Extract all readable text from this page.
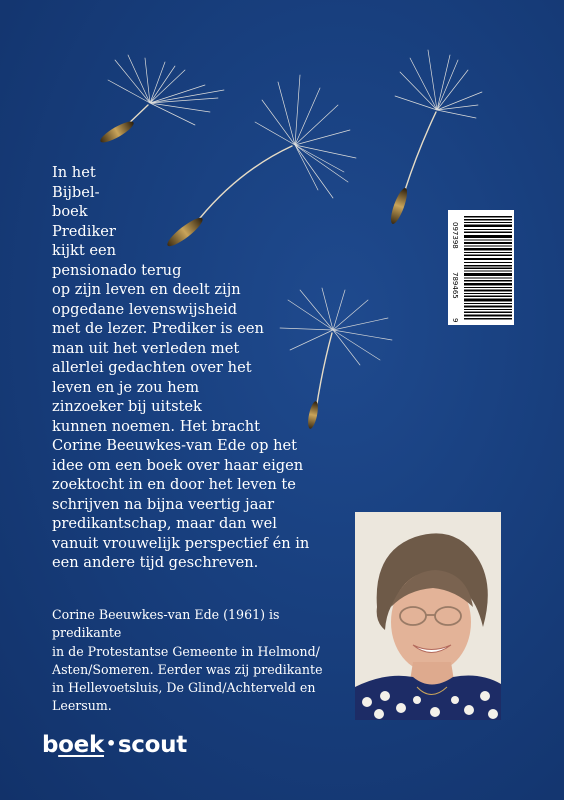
In het
Bijbel-
boek
Prediker
kijkt een
pensionado terug
op zijn leven en deelt zijn
opgedane levenswijsheid
met de lezer. Prediker is een
man uit het verleden met
allerlei gedachten over het
leven en je zou hem
zinzoeker bij uitstek
kunnen noemen. Het bracht
Corine Beeuwkes-van Ede op het
idee om een boek over haar eigen
zoektocht in en door het leven te
schrijven na bijna veertig jaar
predikantschap, maar dan wel
vanuit vrouwelijk perspectief én in
een andere tijd geschreven.
097398
789465
9
Corine Beeuwkes-van Ede (1961) is predikante
in de Protestantse Gemeente in Helmond/
Asten/Someren. Eerder was zij predikante
in Hellevoetsluis, De Glind/Achterveld en
Leersum.
boek •scout
